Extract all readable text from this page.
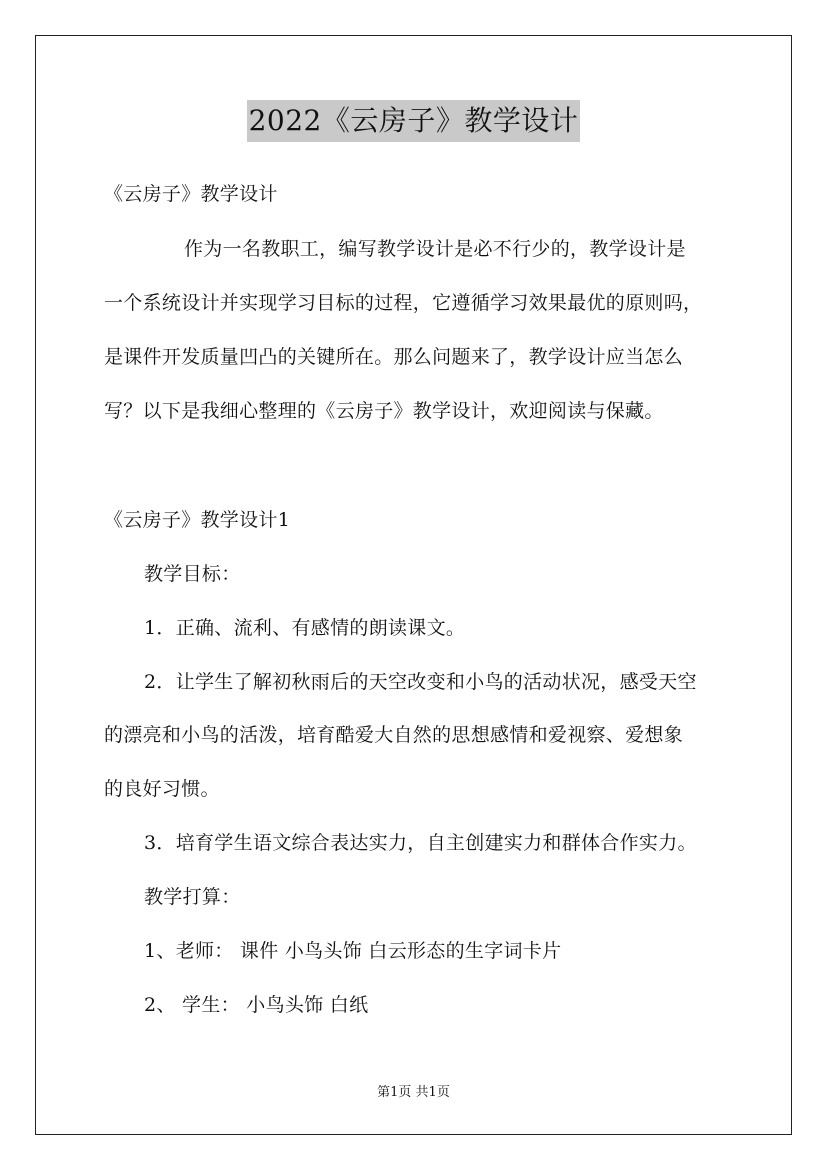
2022《云房子》教学设计
《云房子》教学设计
作为一名教职工，编写教学设计是必不行少的，教学设计是
一个系统设计并实现学习目标的过程，它遵循学习效果最优的原则吗，
是课件开发质量凹凸的关键所在。那么问题来了，教学设计应当怎么
写？以下是我细心整理的《云房子》教学设计，欢迎阅读与保藏。
《云房子》教学设计1
教学目标：
1．正确、流利、有感情的朗读课文。
2．让学生了解初秋雨后的天空改变和小鸟的活动状况，感受天空
的漂亮和小鸟的活泼，培育酷爱大自然的思想感情和爱视察、爱想象
的良好习惯。
3．培育学生语文综合表达实力，自主创建实力和群体合作实力。
教学打算：
1、老师： 课件 小鸟头饰 白云形态的生字词卡片
2、 学生： 小鸟头饰 白纸
第1页 共1页
